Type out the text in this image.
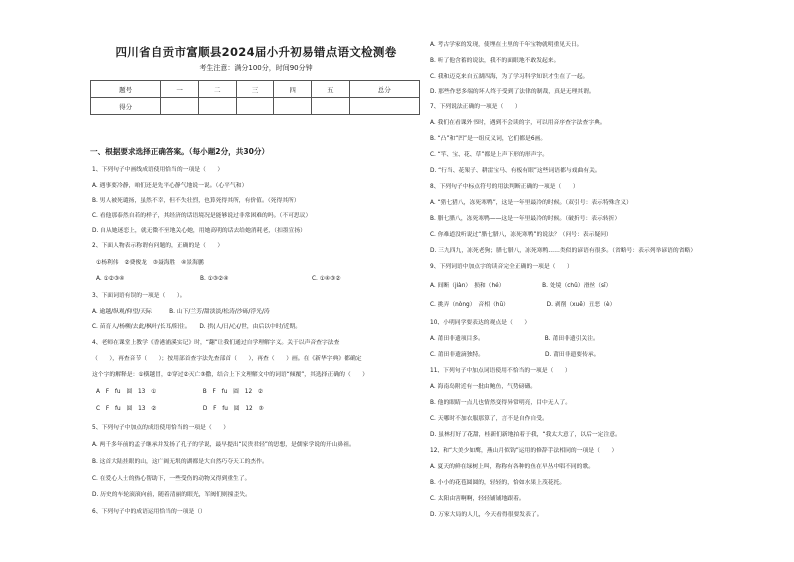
四川省自贡市富顺县2024届小升初易错点语文检测卷
考生注意：满分100分，时间90分钟
题号	一	二	三	四	五	总分
得分						
一、根据要求选择正确答案。（每小题2分，共30分）
1、下列句子中画线成语使用恰当的一项是（　　）
A. 遇事要冷静，咱们还是先平心静气地说一说。（心平气和）
B. 男人被死谴扬，虽然不幸，但不失壮烈，也算死得其所，有价值。（死得其所）
C. 看他那泰然自若的样子，其经济的话语境况是能够说过非常困难的吗。（不可思议）
D. 自从她迷恋上，就无微不至地关心她，用她高明的话去给她消耗老，（扣墨宣扬）
2、下面人物表示称谓有问题的，正确的是（　　）
①杨利伟　②费俊龙　③聂海胜　④景海鹏
A. ①②③④	B. ①③②④	C. ①④③②
3、下面词语有误的一项是（　　）。
A. 逾越/纵观/仰望/天际　　　B. 山下/兰芳/甜淡淡/松涛/沙砾/浮光/涛
C. 苗育人/杨柳/去此/枫叶/长耳/阳住。　　D. 拱(人/日/心(/世，由后以中时/近期。
4、老师在课堂上教学《香港浦溪实记》时，“翻”让我们通过自学理解字义。关于以声音查字法查
（　　），再查音节（　　）；按用部首查字法先查部首（　　），再查（　　）画。在《新华字典》都确定
这个字的解释是：①横越冒，②穿过②灭亡③撒，结合上下文理解文中的词语“倾覆”，其选择正确的（　　）
A　F　fu　圆　13　①　　　　　　　　B　F　fu　圆　12　②
C　F　fu　圆　13　②　　　　　　　　D　F　fu　圆　12　③
5、下列句子中加点的成语使用恰当的一项是（　　）
A. 两千多年前的孟子继承并发扬了孔子的学说，最早提出“民贵君轻”的思想，是儒家学说的开山鼻祖。
B. 这首大陆挂眼的山，这广阔无垠的湖都是大自然巧夺天工的杰作。
C. 在爱心人士的热心帮助下，一些受伤的动物又得到重生了。
D. 历史的车轮滚滚向前，随着清丽的眼光，军阀们则撞歪失。
6、下列句子中的成语运用恰当的一项是（）
A. 考古学家的发现，使埋在土里的千年宝物就明重见天日。
B. 听了他含蓄的说法，我不的面眼地不敢发起来。
C. 我和迈克来自五湖四海，为了学习科学知识才生在了一起。
D. 那些作恶多端的坏人终于受到了法律的制裁，真是无理其谓。
7、下列说法正确的一项是（　　）
A. 我们在看课外书时，遇到不会读的字，可以用音序查字法查字典。
B. “凸”和“凹”是一组反义词，它们都是6画。
C. “竿、宝、花、草”都是上声下形的形声字。
D. “行当、花架子、耕雷宝马、有板有眼”这些词语都与戏曲有关。
8、下列句子中标点符号的用法判断正确的一项是（　　）
A. “猎七猎八，冻死寒鸭”，这是一年里最冷的时候。（双引号：表示特殊含义）
B. 腊七腊八，冻死寒鸭——这是一年里最冷的时候。（破折号：表示转折）
C. 你难道没听说过“腊七腊八，冻死寒鸭”的说法？（问号：表示疑问）
D. 三九四九，冻死老狗；腊七腊八，冻死寒鸭……类似的谚语有很多。（省略号：表示列举谚语的省略）
9、下列词语中加点字的读音完全正确的一项是（　　）
A. 间断（jiàn）　损和（hé）　　　　　　　B. 处境（chǔ）滑丝（sī）
C. 挑弄（nòng）　音相（hū）　　　　　　　D. 剥削（xuē）丑恶（è）
10、小明同学要表达的观点是（　　）
A. 莆田非遗项目多。　　　　　　　　　　　B. 莆田非遗引关注。
C. 莆田非遗滴独特。　　　　　　　　　　　D. 莆田非遗要传承。
11、下列句子中加点词语使用不恰当的一项是（　　）
A. 海南岛附近有一批由鲍鱼，气势磅礴。
B. 他的眼睛一点儿也情然变得异常明亮，目中无人了。
C. 天哪时不加衣服那算了，言不是自作自受。
D. 虽林打好了花甜，桂新们新地拍着于我，“我太大意了，以后一定注意。
12、和“大美少如鹰，燕山月似钩”运用的修辞手法相同的一项是（　　）
A. 夏天的鲜在绿树上叫，称称有各种的鱼在早丛中唱不同的歌。
B. 小小的花苞圆圆的，轻轻的，恰如水果上茂花托。
C. 太阳由害啊啊，轻轻铺铺地跟着。
D. 万家大局的人儿，今天看得很要发表了。
